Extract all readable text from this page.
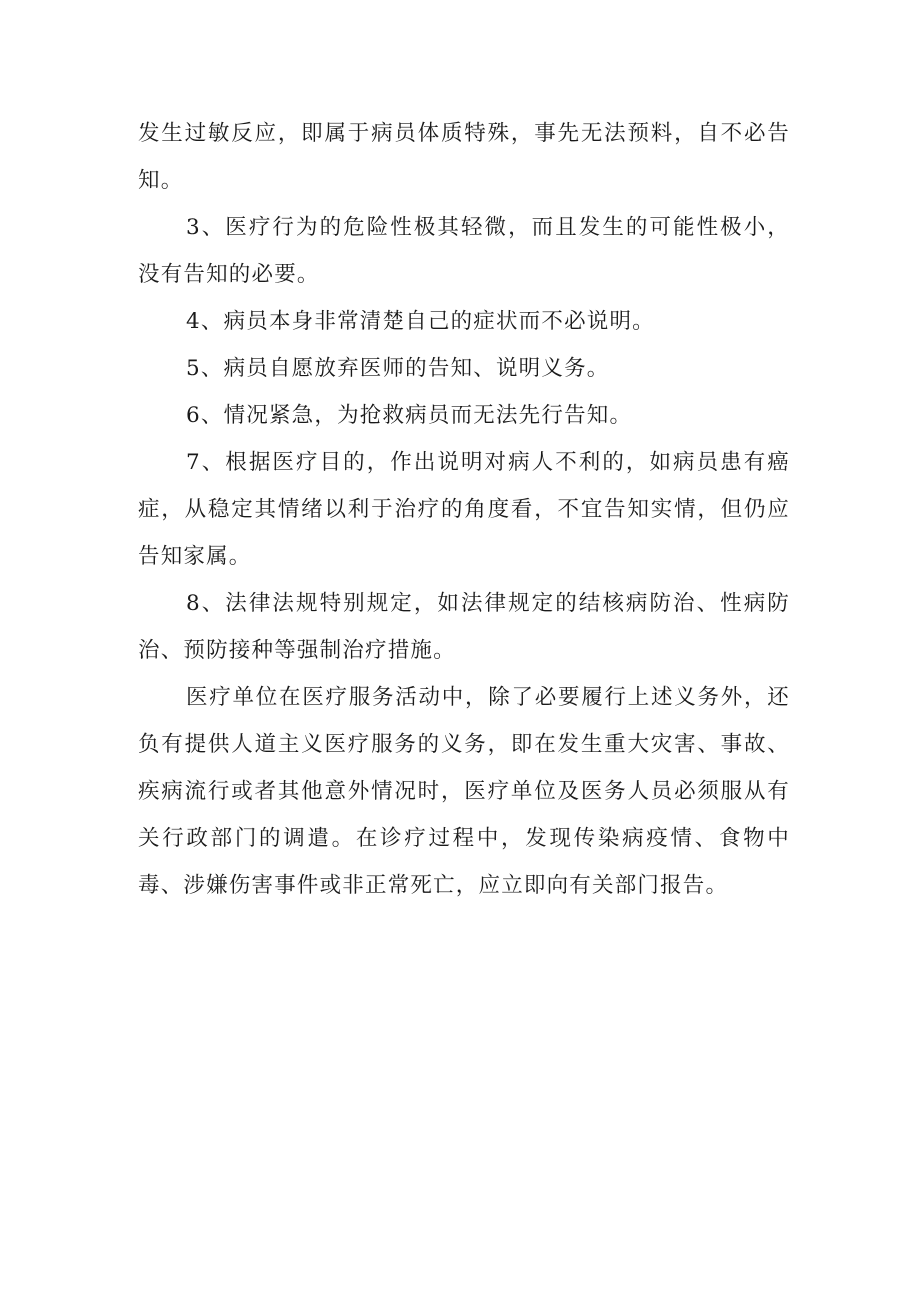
发生过敏反应，即属于病员体质特殊，事先无法预料，自不必告知。

3、医疗行为的危险性极其轻微，而且发生的可能性极小，没有告知的必要。

4、病员本身非常清楚自己的症状而不必说明。

5、病员自愿放弃医师的告知、说明义务。

6、情况紧急，为抢救病员而无法先行告知。

7、根据医疗目的，作出说明对病人不利的，如病员患有癌症，从稳定其情绪以利于治疗的角度看，不宜告知实情，但仍应告知家属。

8、法律法规特别规定，如法律规定的结核病防治、性病防治、预防接种等强制治疗措施。

医疗单位在医疗服务活动中，除了必要履行上述义务外，还负有提供人道主义医疗服务的义务，即在发生重大灾害、事故、疾病流行或者其他意外情况时，医疗单位及医务人员必须服从有关行政部门的调遣。在诊疗过程中，发现传染病疫情、食物中毒、涉嫌伤害事件或非正常死亡，应立即向有关部门报告。
